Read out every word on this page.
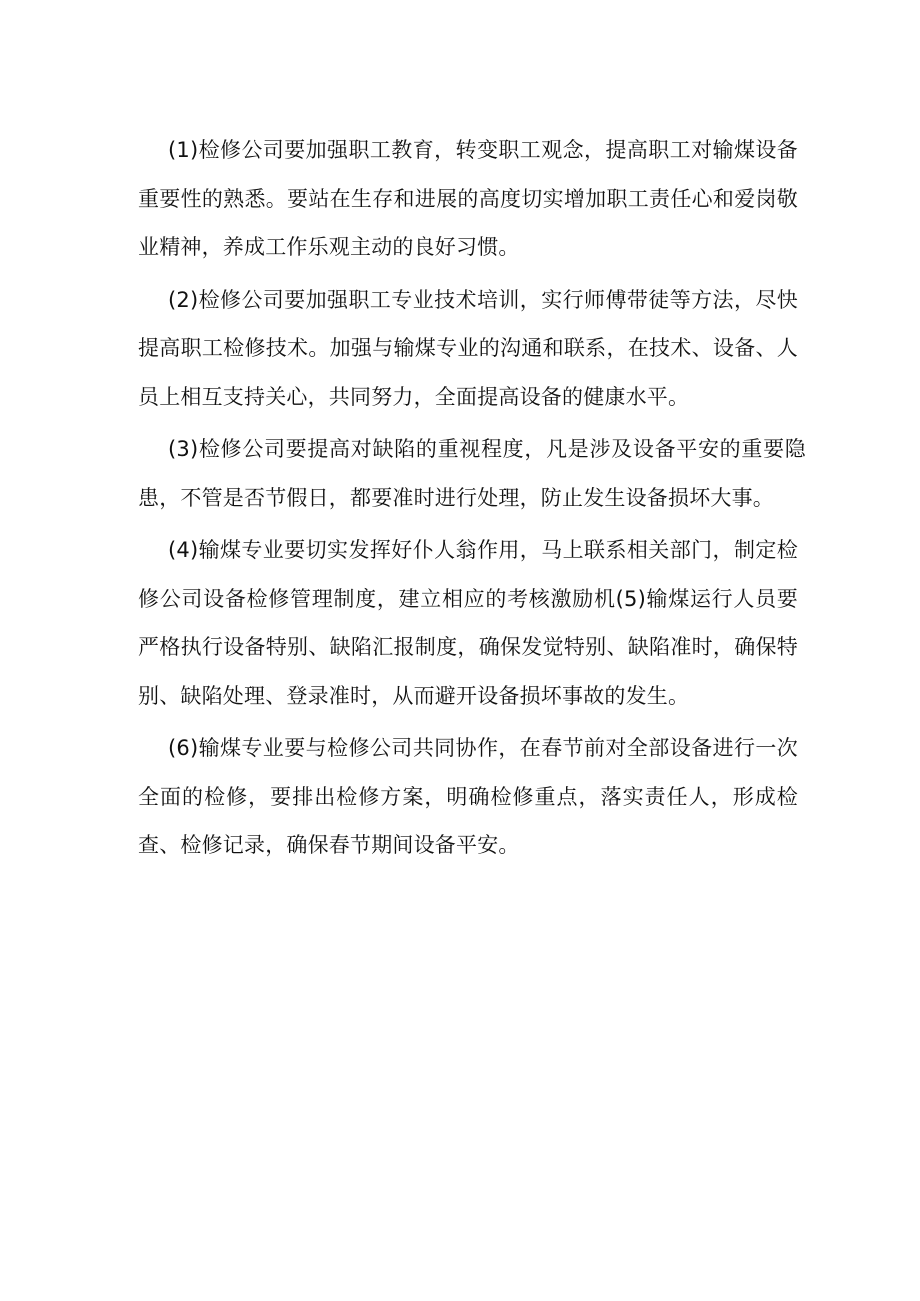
(1)检修公司要加强职工教育，转变职工观念，提高职工对输煤设备重要性的熟悉。要站在生存和进展的高度切实增加职工责任心和爱岗敬业精神，养成工作乐观主动的良好习惯。

(2)检修公司要加强职工专业技术培训，实行师傅带徒等方法，尽快提高职工检修技术。加强与输煤专业的沟通和联系，在技术、设备、人员上相互支持关心，共同努力，全面提高设备的健康水平。

(3)检修公司要提高对缺陷的重视程度，凡是涉及设备平安的重要隐患，不管是否节假日，都要准时进行处理，防止发生设备损坏大事。

(4)输煤专业要切实发挥好仆人翁作用，马上联系相关部门，制定检修公司设备检修管理制度，建立相应的考核激励机(5)输煤运行人员要严格执行设备特别、缺陷汇报制度，确保发觉特别、缺陷准时，确保特别、缺陷处理、登录准时，从而避开设备损坏事故的发生。

(6)输煤专业要与检修公司共同协作，在春节前对全部设备进行一次全面的检修，要排出检修方案，明确检修重点，落实责任人，形成检查、检修记录，确保春节期间设备平安。
